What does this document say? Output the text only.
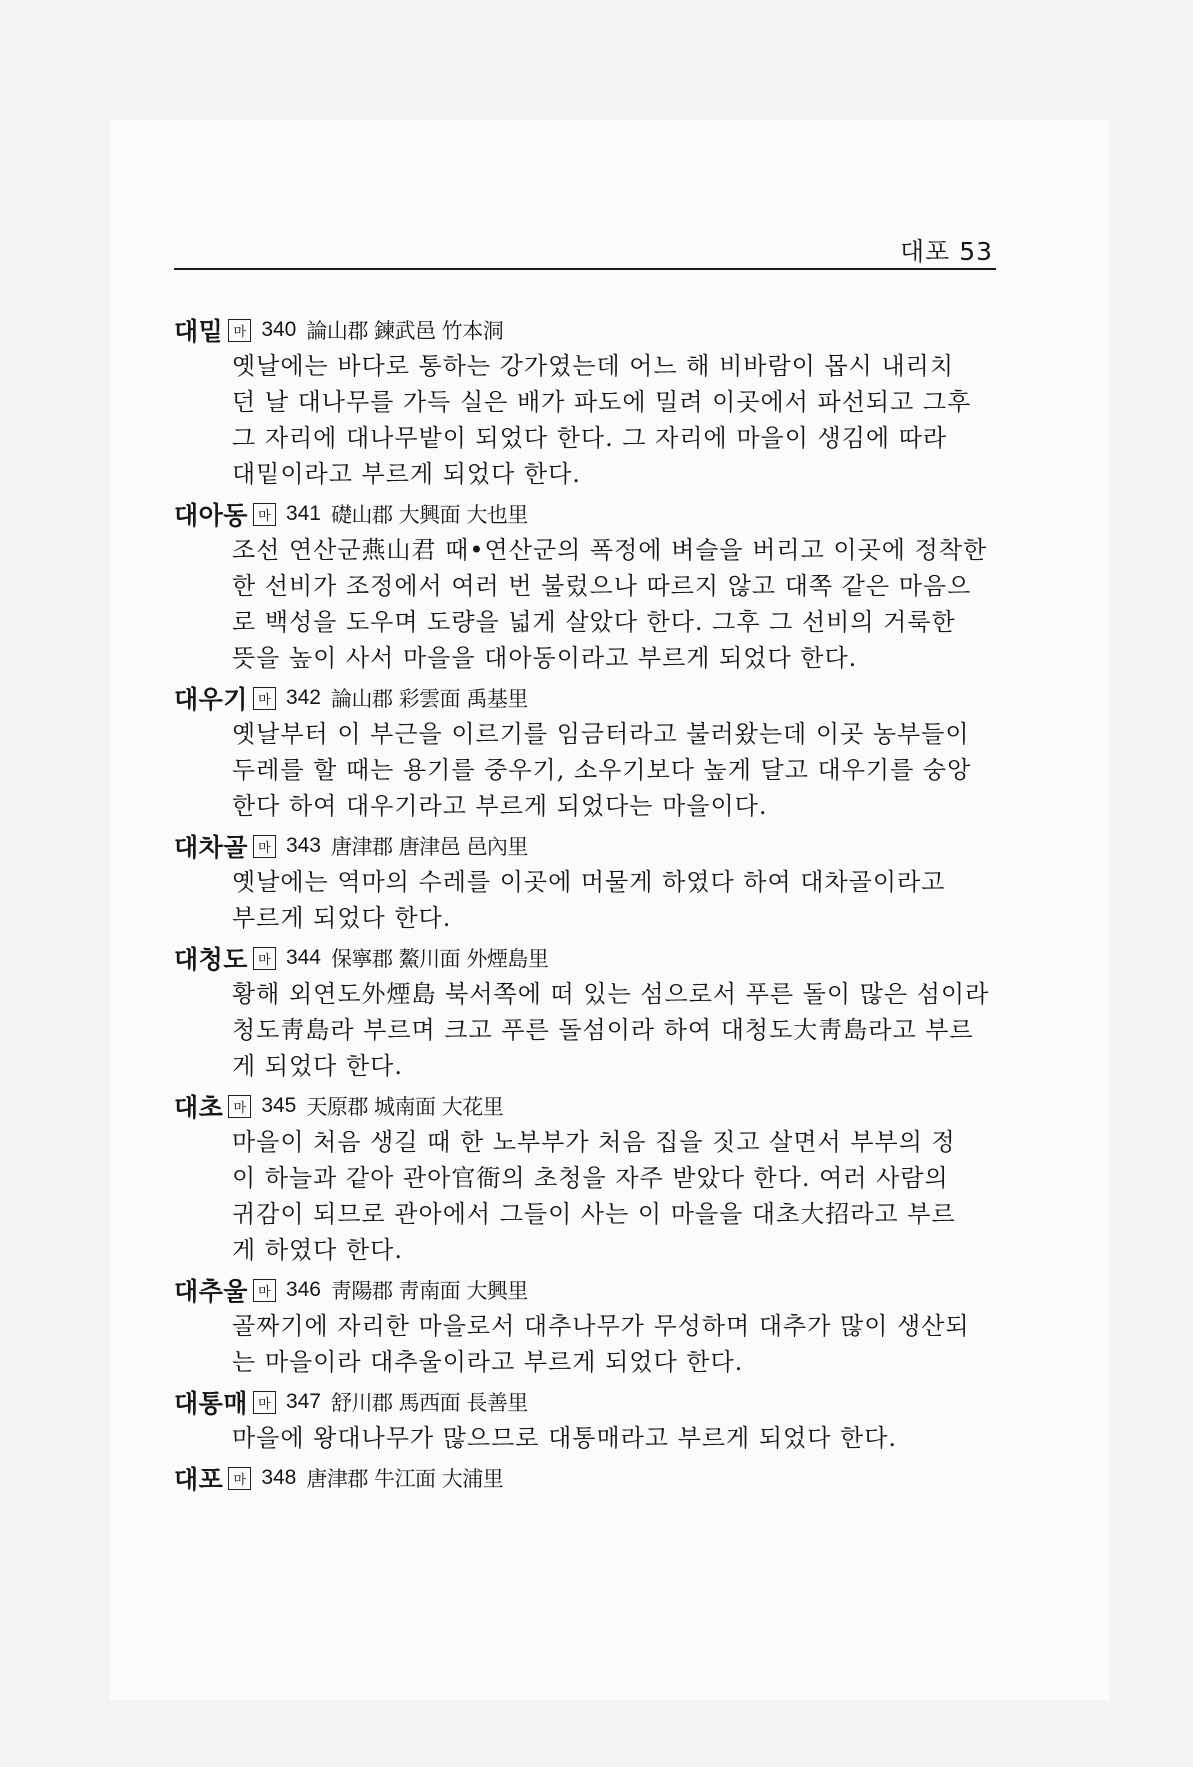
대포 53
대밑 마 340 論山郡 鍊武邑 竹本洞
옛날에는 바다로 통하는 강가였는데 어느 해 비바람이 몹시 내리치
던 날 대나무를 가득 실은 배가 파도에 밀려 이곳에서 파선되고 그후
그 자리에 대나무밭이 되었다 한다. 그 자리에 마을이 생김에 따라
대밑이라고 부르게 되었다 한다.
대아동 마 341 礎山郡 大興面 大也里
조선 연산군燕山君 때•연산군의 폭정에 벼슬을 버리고 이곳에 정착한
한 선비가 조정에서 여러 번 불렀으나 따르지 않고 대쪽 같은 마음으
로 백성을 도우며 도량을 넓게 살았다 한다. 그후 그 선비의 거룩한
뜻을 높이 사서 마을을 대아동이라고 부르게 되었다 한다.
대우기 마 342 論山郡 彩雲面 禹基里
옛날부터 이 부근을 이르기를 임금터라고 불러왔는데 이곳 농부들이
두레를 할 때는 용기를 중우기, 소우기보다 높게 달고 대우기를 숭앙
한다 하여 대우기라고 부르게 되었다는 마을이다.
대차골 마 343 唐津郡 唐津邑 邑內里
옛날에는 역마의 수레를 이곳에 머물게 하였다 하여 대차골이라고
부르게 되었다 한다.
대청도 마 344 保寧郡 鰲川面 外煙島里
황해 외연도外煙島 북서쪽에 떠 있는 섬으로서 푸른 돌이 많은 섬이라
청도靑島라 부르며 크고 푸른 돌섬이라 하여 대청도大靑島라고 부르
게 되었다 한다.
대초 마 345 天原郡 城南面 大花里
마을이 처음 생길 때 한 노부부가 처음 집을 짓고 살면서 부부의 정
이 하늘과 같아 관아官衙의 초청을 자주 받았다 한다. 여러 사람의
귀감이 되므로 관아에서 그들이 사는 이 마을을 대초大招라고 부르
게 하였다 한다.
대추울 마 346 靑陽郡 靑南面 大興里
골짜기에 자리한 마을로서 대추나무가 무성하며 대추가 많이 생산되
는 마을이라 대추울이라고 부르게 되었다 한다.
대통매 마 347 舒川郡 馬西面 長善里
마을에 왕대나무가 많으므로 대통매라고 부르게 되었다 한다.
대포 마 348 唐津郡 牛江面 大浦里
